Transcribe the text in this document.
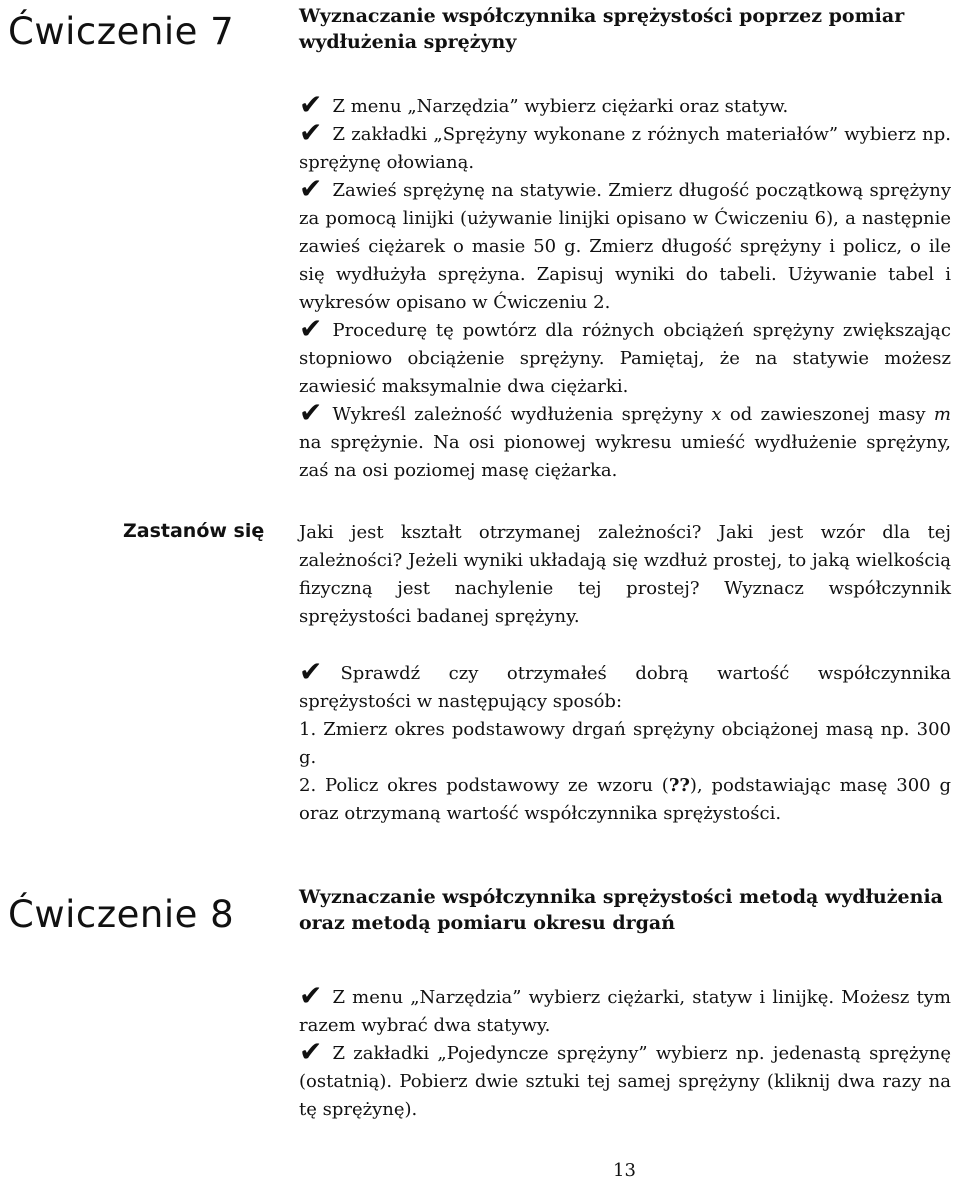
Ćwiczenie 7	Wyznaczanie współczynnika sprężystości poprzez pomiar wydłużenia sprężyny

✔ Z menu „Narzędzia” wybierz ciężarki oraz statyw.

✔ Z zakładki „Sprężyny wykonane z różnych materiałów” wybierz np. sprężynę ołowianą.

✔ Zawieś sprężynę na statywie. Zmierz długość początkową sprężyny za pomocą linijki (używanie linijki opisano w Ćwiczeniu 6), a następnie zawieś ciężarek o masie 50 g. Zmierz długość sprężyny i policz, o ile się wydłużyła sprężyna. Zapisuj wyniki do tabeli. Używanie tabel i wykresów opisano w Ćwiczeniu 2.

✔ Procedurę tę powtórz dla różnych obciążeń sprężyny zwiększając stopniowo obciążenie sprężyny. Pamiętaj, że na statywie możesz zawiesić maksymalnie dwa ciężarki.

✔ Wykreśl zależność wydłużenia sprężyny x od zawieszonej masy m na sprężynie. Na osi pionowej wykresu umieść wydłużenie sprężyny, zaś na osi poziomej masę ciężarka.

Zastanów się Jaki jest kształt otrzymanej zależności? Jaki jest wzór dla tej zależności? Jeżeli wyniki układają się wzdłuż prostej, to jaką wielkością fizyczną jest nachylenie tej prostej? Wyznacz współczynnik sprężystości badanej sprężyny.

✔ Sprawdź czy otrzymałeś dobrą wartość współczynnika sprężystości w następujący sposób:

1. Zmierz okres podstawowy drgań sprężyny obciążonej masą np. 300 g.

2. Policz okres podstawowy ze wzoru (??), podstawiając masę 300 g oraz otrzymaną wartość współczynnika sprężystości.

Ćwiczenie 8	Wyznaczanie współczynnika sprężystości metodą wydłużenia oraz metodą pomiaru okresu drgań

✔ Z menu „Narzędzia” wybierz ciężarki, statyw i linijkę. Możesz tym razem wybrać dwa statywy.

✔ Z zakładki „Pojedyncze sprężyny” wybierz np. jedenastą sprężynę (ostatnią). Pobierz dwie sztuki tej samej sprężyny (kliknij dwa razy na tę sprężynę).

13
